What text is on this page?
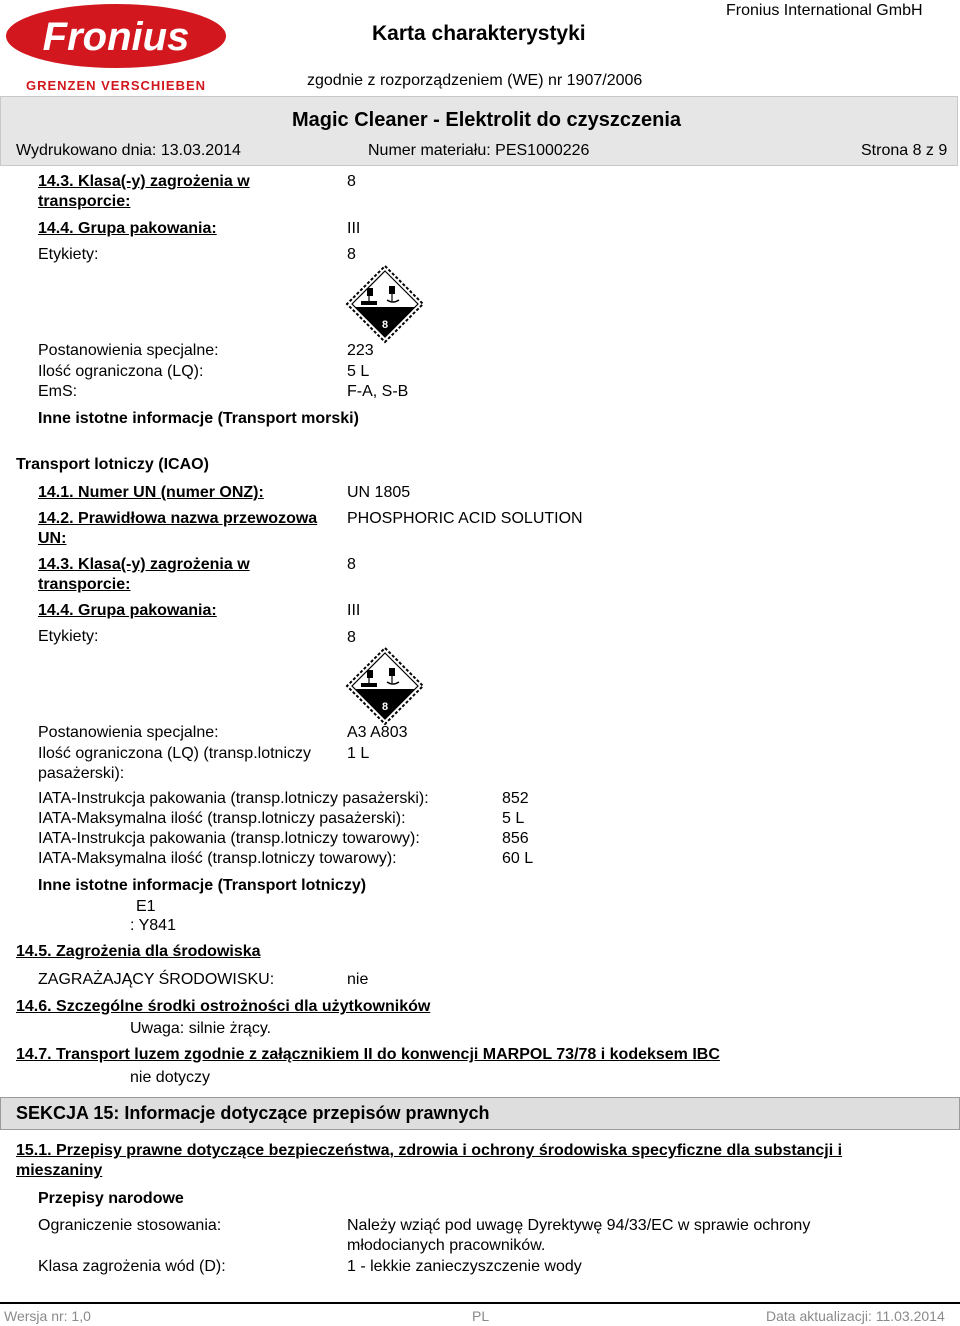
Fronius
GRENZEN VERSCHIEBEN
Karta charakterystyki
Fronius International GmbH
zgodnie z rozporządzeniem (WE) nr 1907/2006
Magic Cleaner - Elektrolit do czyszczenia
Wydrukowano dnia: 13.03.2014	Numer materiału: PES1000226	Strona 8 z 9
14.3. Klasa(-y) zagrożenia w transporcie:
8
14.4. Grupa pakowania:	III
Etykiety:	8
8
Postanowienia specjalne:	223
Ilość ograniczona (LQ):	5 L
EmS:	F-A, S-B
Inne istotne informacje (Transport morski)
Transport lotniczy (ICAO)
14.1. Numer UN (numer ONZ):	UN 1805
14.2. Prawidłowa nazwa przewozowa UN:
PHOSPHORIC ACID SOLUTION
14.3. Klasa(-y) zagrożenia w transporcie:
8
14.4. Grupa pakowania:	III
Etykiety:	8
8
Postanowienia specjalne:	A3 A803
Ilość ograniczona (LQ) (transp.lotniczy pasażerski):
1 L
IATA-Instrukcja pakowania (transp.lotniczy pasażerski):	852
IATA-Maksymalna ilość (transp.lotniczy pasażerski):	5 L
IATA-Instrukcja pakowania (transp.lotniczy towarowy):	856
IATA-Maksymalna ilość (transp.lotniczy towarowy):	60 L
Inne istotne informacje (Transport lotniczy)
E1
: Y841
14.5. Zagrożenia dla środowiska
ZAGRAŻAJĄCY ŚRODOWISKU:	nie
14.6. Szczególne środki ostrożności dla użytkowników
Uwaga: silnie żrący.
14.7. Transport luzem zgodnie z załącznikiem II do konwencji MARPOL 73/78 i kodeksem IBC
nie dotyczy
SEKCJA 15: Informacje dotyczące przepisów prawnych
15.1. Przepisy prawne dotyczące bezpieczeństwa, zdrowia i ochrony środowiska specyficzne dla substancji i mieszaniny
Przepisy narodowe
Ograniczenie stosowania:	Należy wziąć pod uwagę Dyrektywę 94/33/EC w sprawie ochrony młodocianych pracowników.
Klasa zagrożenia wód (D):	1 - lekkie zanieczyszczenie wody
Wersja nr: 1,0	PL	Data aktualizacji: 11.03.2014
